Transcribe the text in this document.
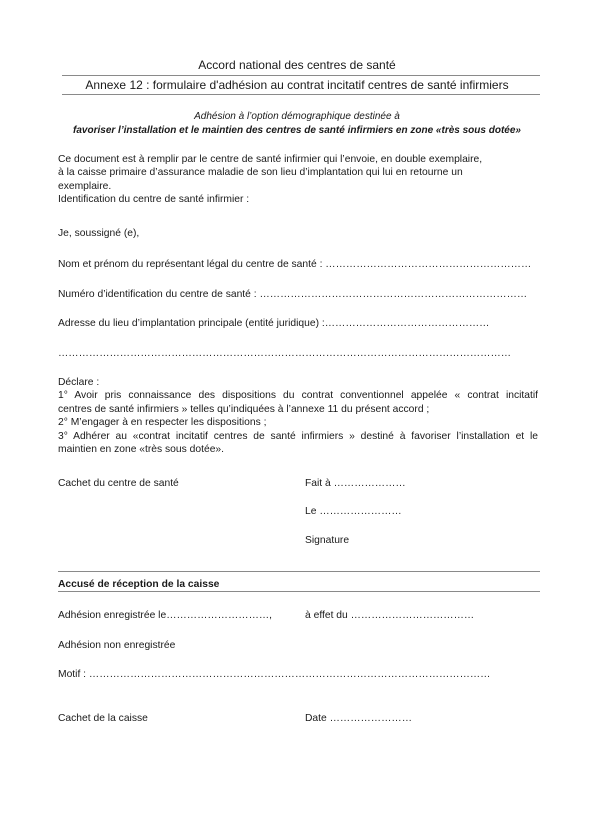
Accord national des centres de santé
Annexe 12 : formulaire d'adhésion au contrat incitatif centres de santé infirmiers
Adhésion à l’option démographique destinée à
favoriser l’installation et le maintien des centres de santé infirmiers en zone «très sous dotée»
Ce document est à remplir par le centre de santé infirmier qui l’envoie, en double exemplaire,
à la caisse primaire d’assurance maladie de son lieu d’implantation qui lui en retourne un
exemplaire.
Identification du centre de santé infirmier :
Je, soussigné (e),
Nom et prénom du représentant légal du centre de santé : ……………………………………………………
Numéro d’identification du centre de santé : ……………………………………………………………………
Adresse du lieu d’implantation principale (entité juridique) :…………………………………………
……………………………………………………………………………………………………………………
Déclare :
1° Avoir pris connaissance des dispositions du contrat conventionnel appelée « contrat incitatif
centres de santé infirmiers » telles qu’indiquées à l’annexe 11 du présent accord ;
2° M’engager à en respecter les dispositions ;
3° Adhérer au «contrat incitatif centres de santé infirmiers » destiné à favoriser l’installation et le
maintien en zone «très sous dotée».
Cachet du centre de santé	Fait à …………………
Le ……………………
Signature
Accusé de réception de la caisse
Adhésion enregistrée le…………………………,	à effet du ………………………………
Adhésion non enregistrée
Motif : ………………………………………………………………………………………………………
Cachet de la caisse	Date ……………………
